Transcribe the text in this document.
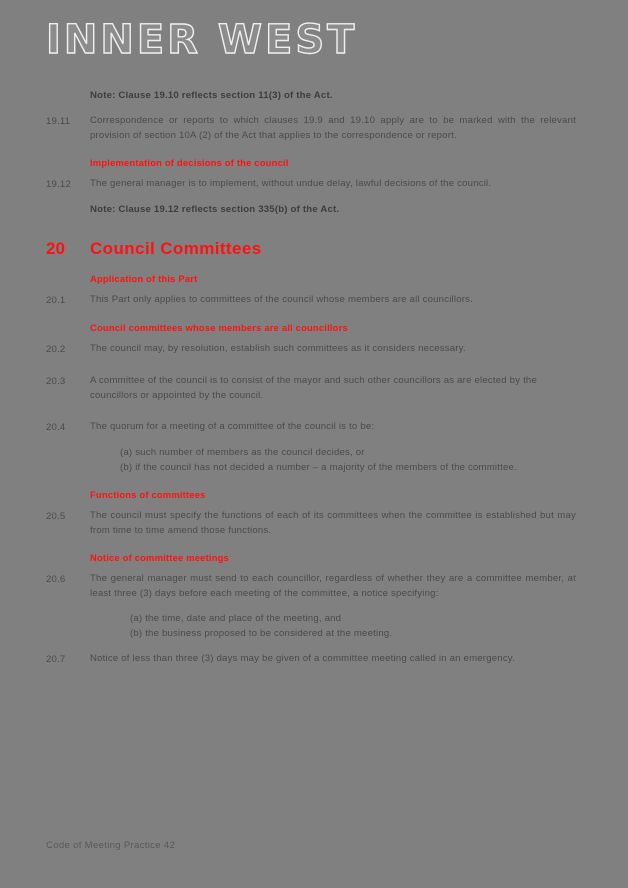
INNER WEST
Note: Clause 19.10 reflects section 11(3) of the Act.
19.11	Correspondence or reports to which clauses 19.9 and 19.10 apply are to be marked with the relevant provision of section 10A (2) of the Act that applies to the correspondence or report.
Implementation of decisions of the council
19.12	The general manager is to implement, without undue delay, lawful decisions of the council.
Note: Clause 19.12 reflects section 335(b) of the Act.
20	Council Committees
Application of this Part
20.1	This Part only applies to committees of the council whose members are all councillors.
Council committees whose members are all councillors
20.2	The council may, by resolution, establish such committees as it considers necessary.
20.3	A committee of the council is to consist of the mayor and such other councillors as are elected by the councillors or appointed by the council.
20.4	The quorum for a meeting of a committee of the council is to be:
(a) such number of members as the council decides, or
(b) if the council has not decided a number – a majority of the members of the committee.
Functions of committees
20.5	The council must specify the functions of each of its committees when the committee is established but may from time to time amend those functions.
Notice of committee meetings
20.6	The general manager must send to each councillor, regardless of whether they are a committee member, at least three (3) days before each meeting of the committee, a notice specifying:
(a) the time, date and place of the meeting, and
(b) the business proposed to be considered at the meeting.
20.7	Notice of less than three (3) days may be given of a committee meeting called in an emergency.
Code of Meeting Practice 42
